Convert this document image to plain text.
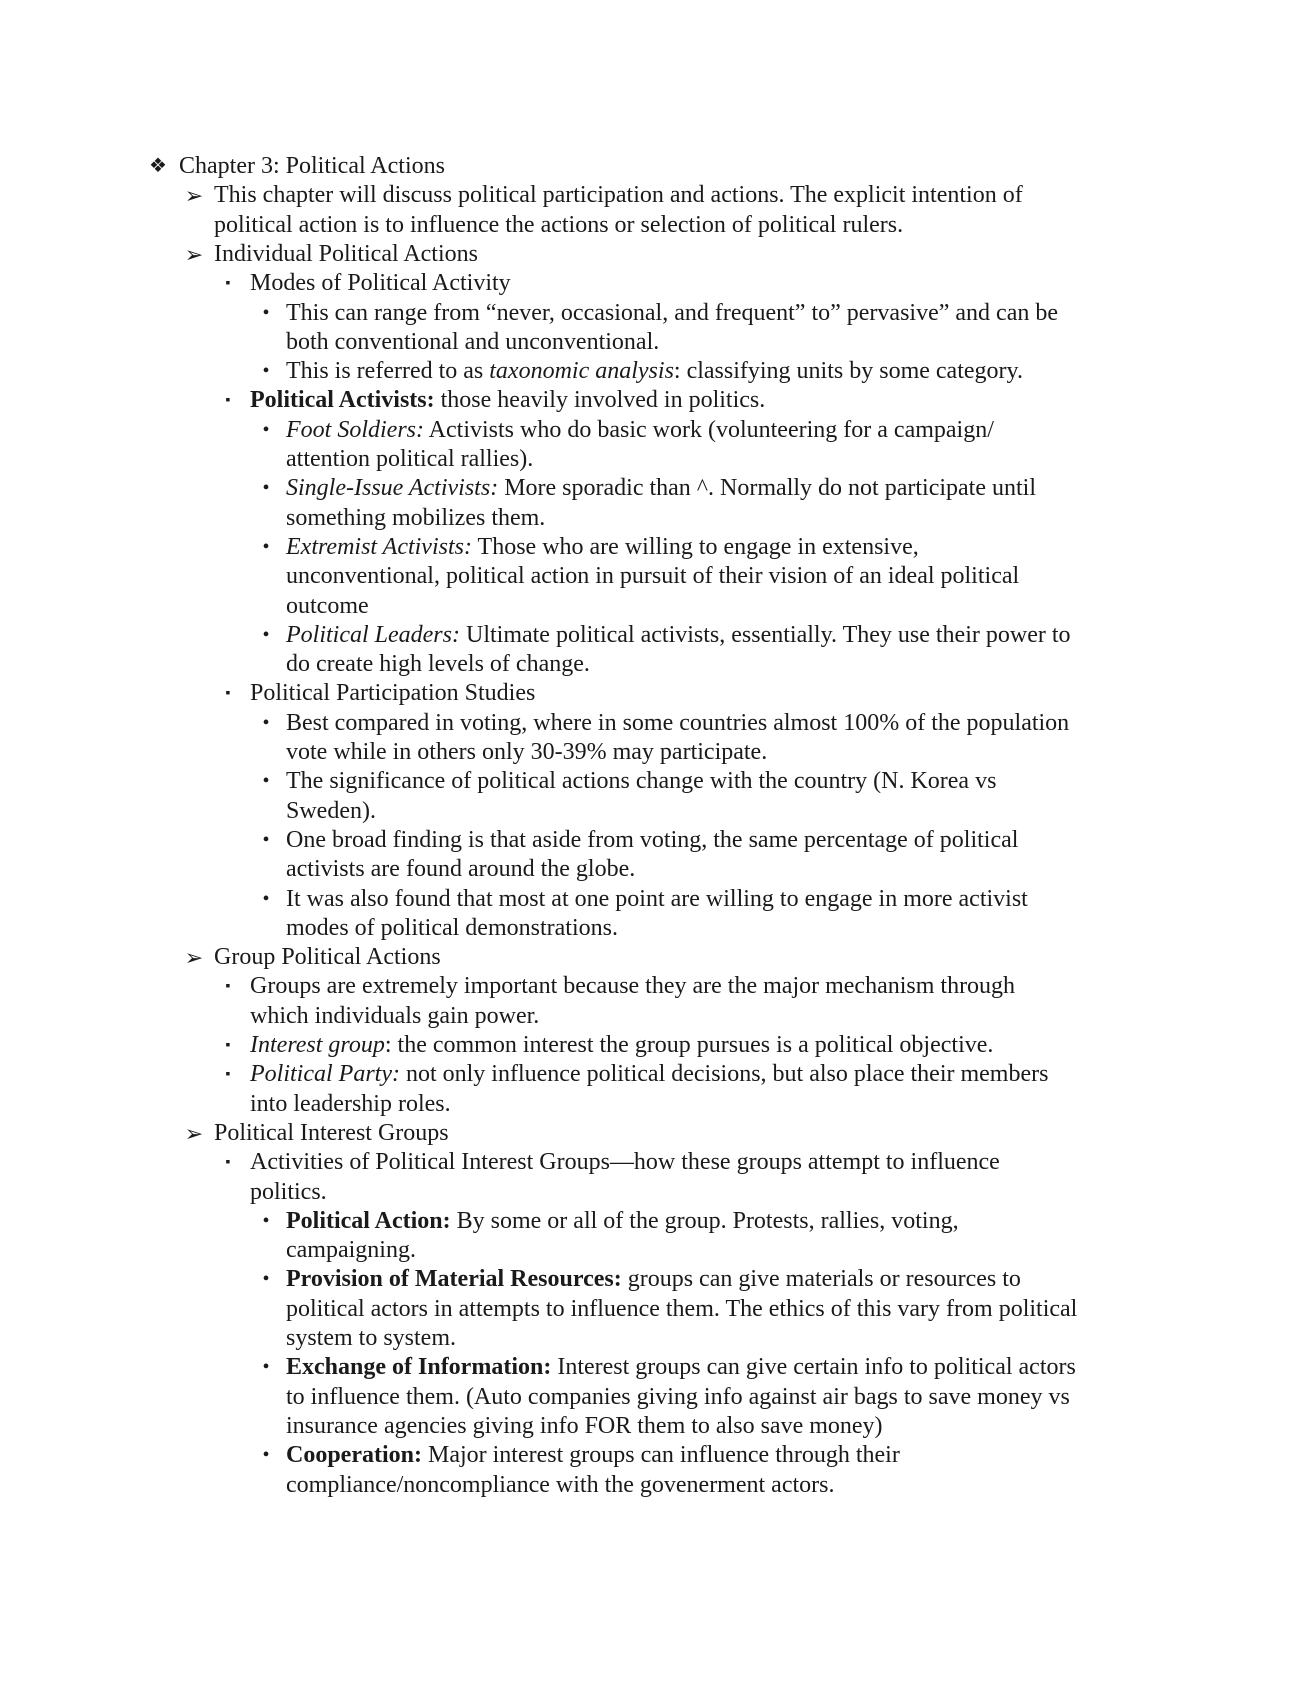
❖ Chapter 3: Political Actions
➢ This chapter will discuss political participation and actions. The explicit intention of
political action is to influence the actions or selection of political rulers.
➢ Individual Political Actions
▪ Modes of Political Activity
• This can range from “never, occasional, and frequent” to” pervasive” and can be
both conventional and unconventional.
• This is referred to as taxonomic analysis: classifying units by some category.
▪ Political Activists: those heavily involved in politics.
• Foot Soldiers: Activists who do basic work (volunteering for a campaign/
attention political rallies).
• Single-Issue Activists: More sporadic than ^. Normally do not participate until
something mobilizes them.
• Extremist Activists: Those who are willing to engage in extensive,
unconventional, political action in pursuit of their vision of an ideal political
outcome
• Political Leaders: Ultimate political activists, essentially. They use their power to
do create high levels of change.
▪ Political Participation Studies
• Best compared in voting, where in some countries almost 100% of the population
vote while in others only 30-39% may participate.
• The significance of political actions change with the country (N. Korea vs
Sweden).
• One broad finding is that aside from voting, the same percentage of political
activists are found around the globe.
• It was also found that most at one point are willing to engage in more activist
modes of political demonstrations.
➢ Group Political Actions
▪ Groups are extremely important because they are the major mechanism through
which individuals gain power.
▪ Interest group: the common interest the group pursues is a political objective.
▪ Political Party: not only influence political decisions, but also place their members
into leadership roles.
➢ Political Interest Groups
▪ Activities of Political Interest Groups—how these groups attempt to influence
politics.
• Political Action: By some or all of the group. Protests, rallies, voting,
campaigning.
• Provision of Material Resources: groups can give materials or resources to
political actors in attempts to influence them. The ethics of this vary from political
system to system.
• Exchange of Information: Interest groups can give certain info to political actors
to influence them. (Auto companies giving info against air bags to save money vs
insurance agencies giving info FOR them to also save money)
• Cooperation: Major interest groups can influence through their
compliance/noncompliance with the govenerment actors.
